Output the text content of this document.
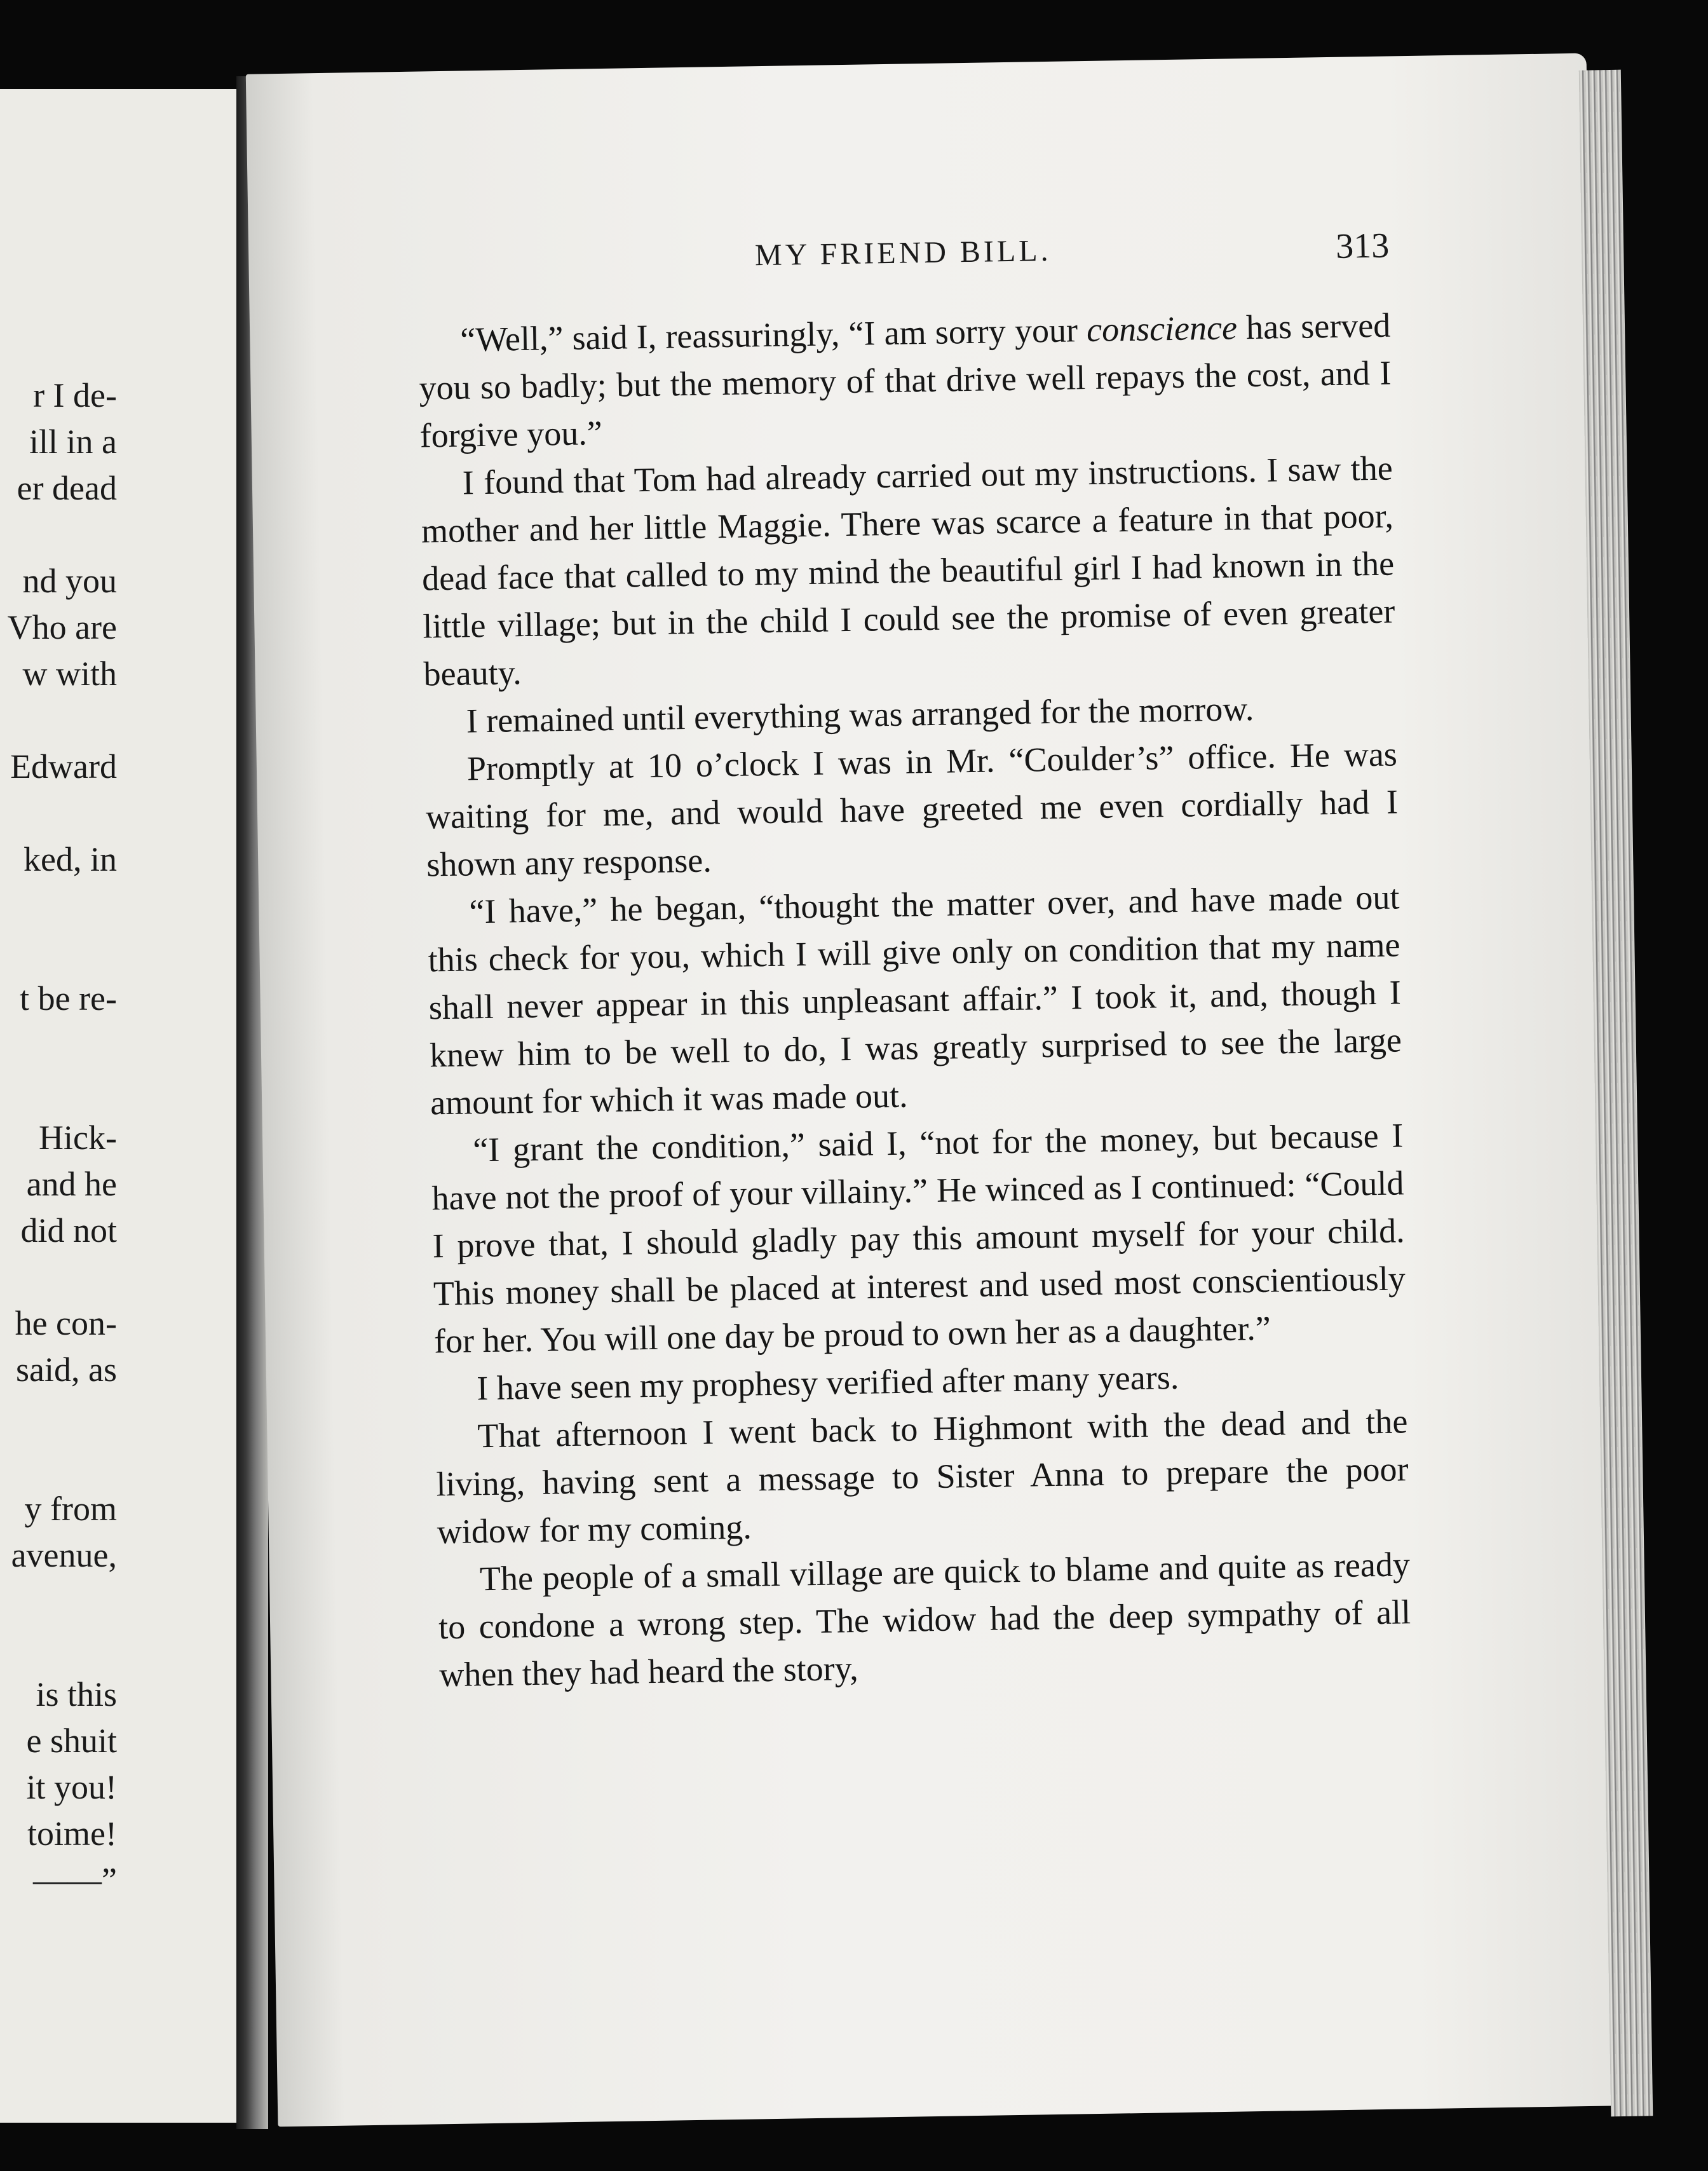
r I de-
ill in a
er dead
nd you
Vho are
w with
Edward
ked, in
t be re-
Hick-
and he
did not
he con-
said, as
y from
avenue,
is this
e shuit
it you!
toime!
——”
MY FRIEND BILL.	313

“Well,” said I, reassuringly, “I am sorry your conscience has served you so badly; but the memory of that drive well repays the cost, and I forgive you.”

I found that Tom had already carried out my instructions. I saw the mother and her little Maggie. There was scarce a feature in that poor, dead face that called to my mind the beautiful girl I had known in the little village; but in the child I could see the promise of even greater beauty.

I remained until everything was arranged for the morrow.

Promptly at 10 o’clock I was in Mr. “Coulder’s” office. He was waiting for me, and would have greeted me even cordially had I shown any response.

“I have,” he began, “thought the matter over, and have made out this check for you, which I will give only on condition that my name shall never appear in this unpleasant affair.” I took it, and, though I knew him to be well to do, I was greatly surprised to see the large amount for which it was made out.

“I grant the condition,” said I, “not for the money, but because I have not the proof of your villainy.” He winced as I continued: “Could I prove that, I should gladly pay this amount myself for your child. This money shall be placed at interest and used most conscientiously for her. You will one day be proud to own her as a daughter.”

I have seen my prophesy verified after many years.

That afternoon I went back to Highmont with the dead and the living, having sent a message to Sister Anna to prepare the poor widow for my coming.

The people of a small village are quick to blame and quite as ready to condone a wrong step. The widow had the deep sympathy of all when they had heard the story,
